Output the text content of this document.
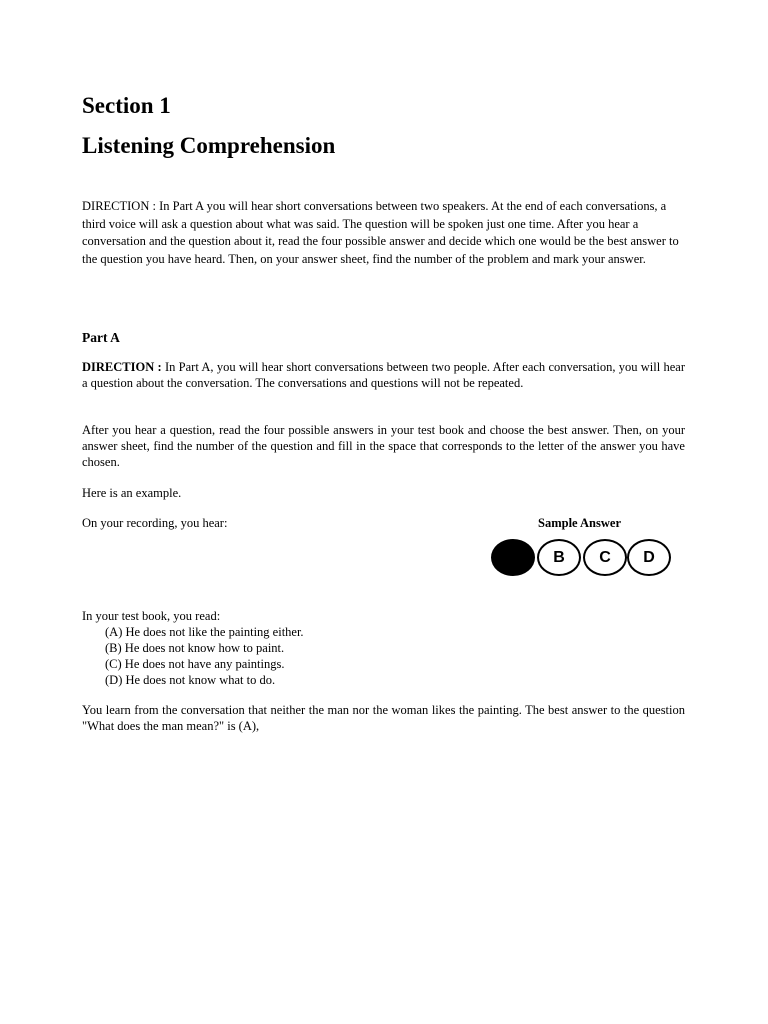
Section 1
Listening Comprehension

DIRECTION : In Part A you will hear short conversations between two speakers. At the end of each conversations, a third voice will ask a question about what was said. The question will be spoken just one time. After you hear a conversation and the question about it, read the four possible answer and decide which one would be the best answer to the question you have heard. Then, on your answer sheet, find the number of the problem and mark your answer.

Part A

DIRECTION : In Part A, you will hear short conversations between two people. After each conversation, you will hear a question about the conversation. The conversations and questions will not be repeated.

After you hear a question, read the four possible answers in your test book and choose the best answer. Then, on your answer sheet, find the number of the question and fill in the space that corresponds to the letter of the answer you have chosen.

Here is an example.

On your recording, you hear:	Sample Answer
B	C	D

In your test book, you read:

(A) He does not like the painting either.
(B) He does not know how to paint.
(C) He does not have any paintings.
(D) He does not know what to do.

You learn from the conversation that neither the man nor the woman likes the painting. The best answer to the question "What does the man mean?" is (A),
